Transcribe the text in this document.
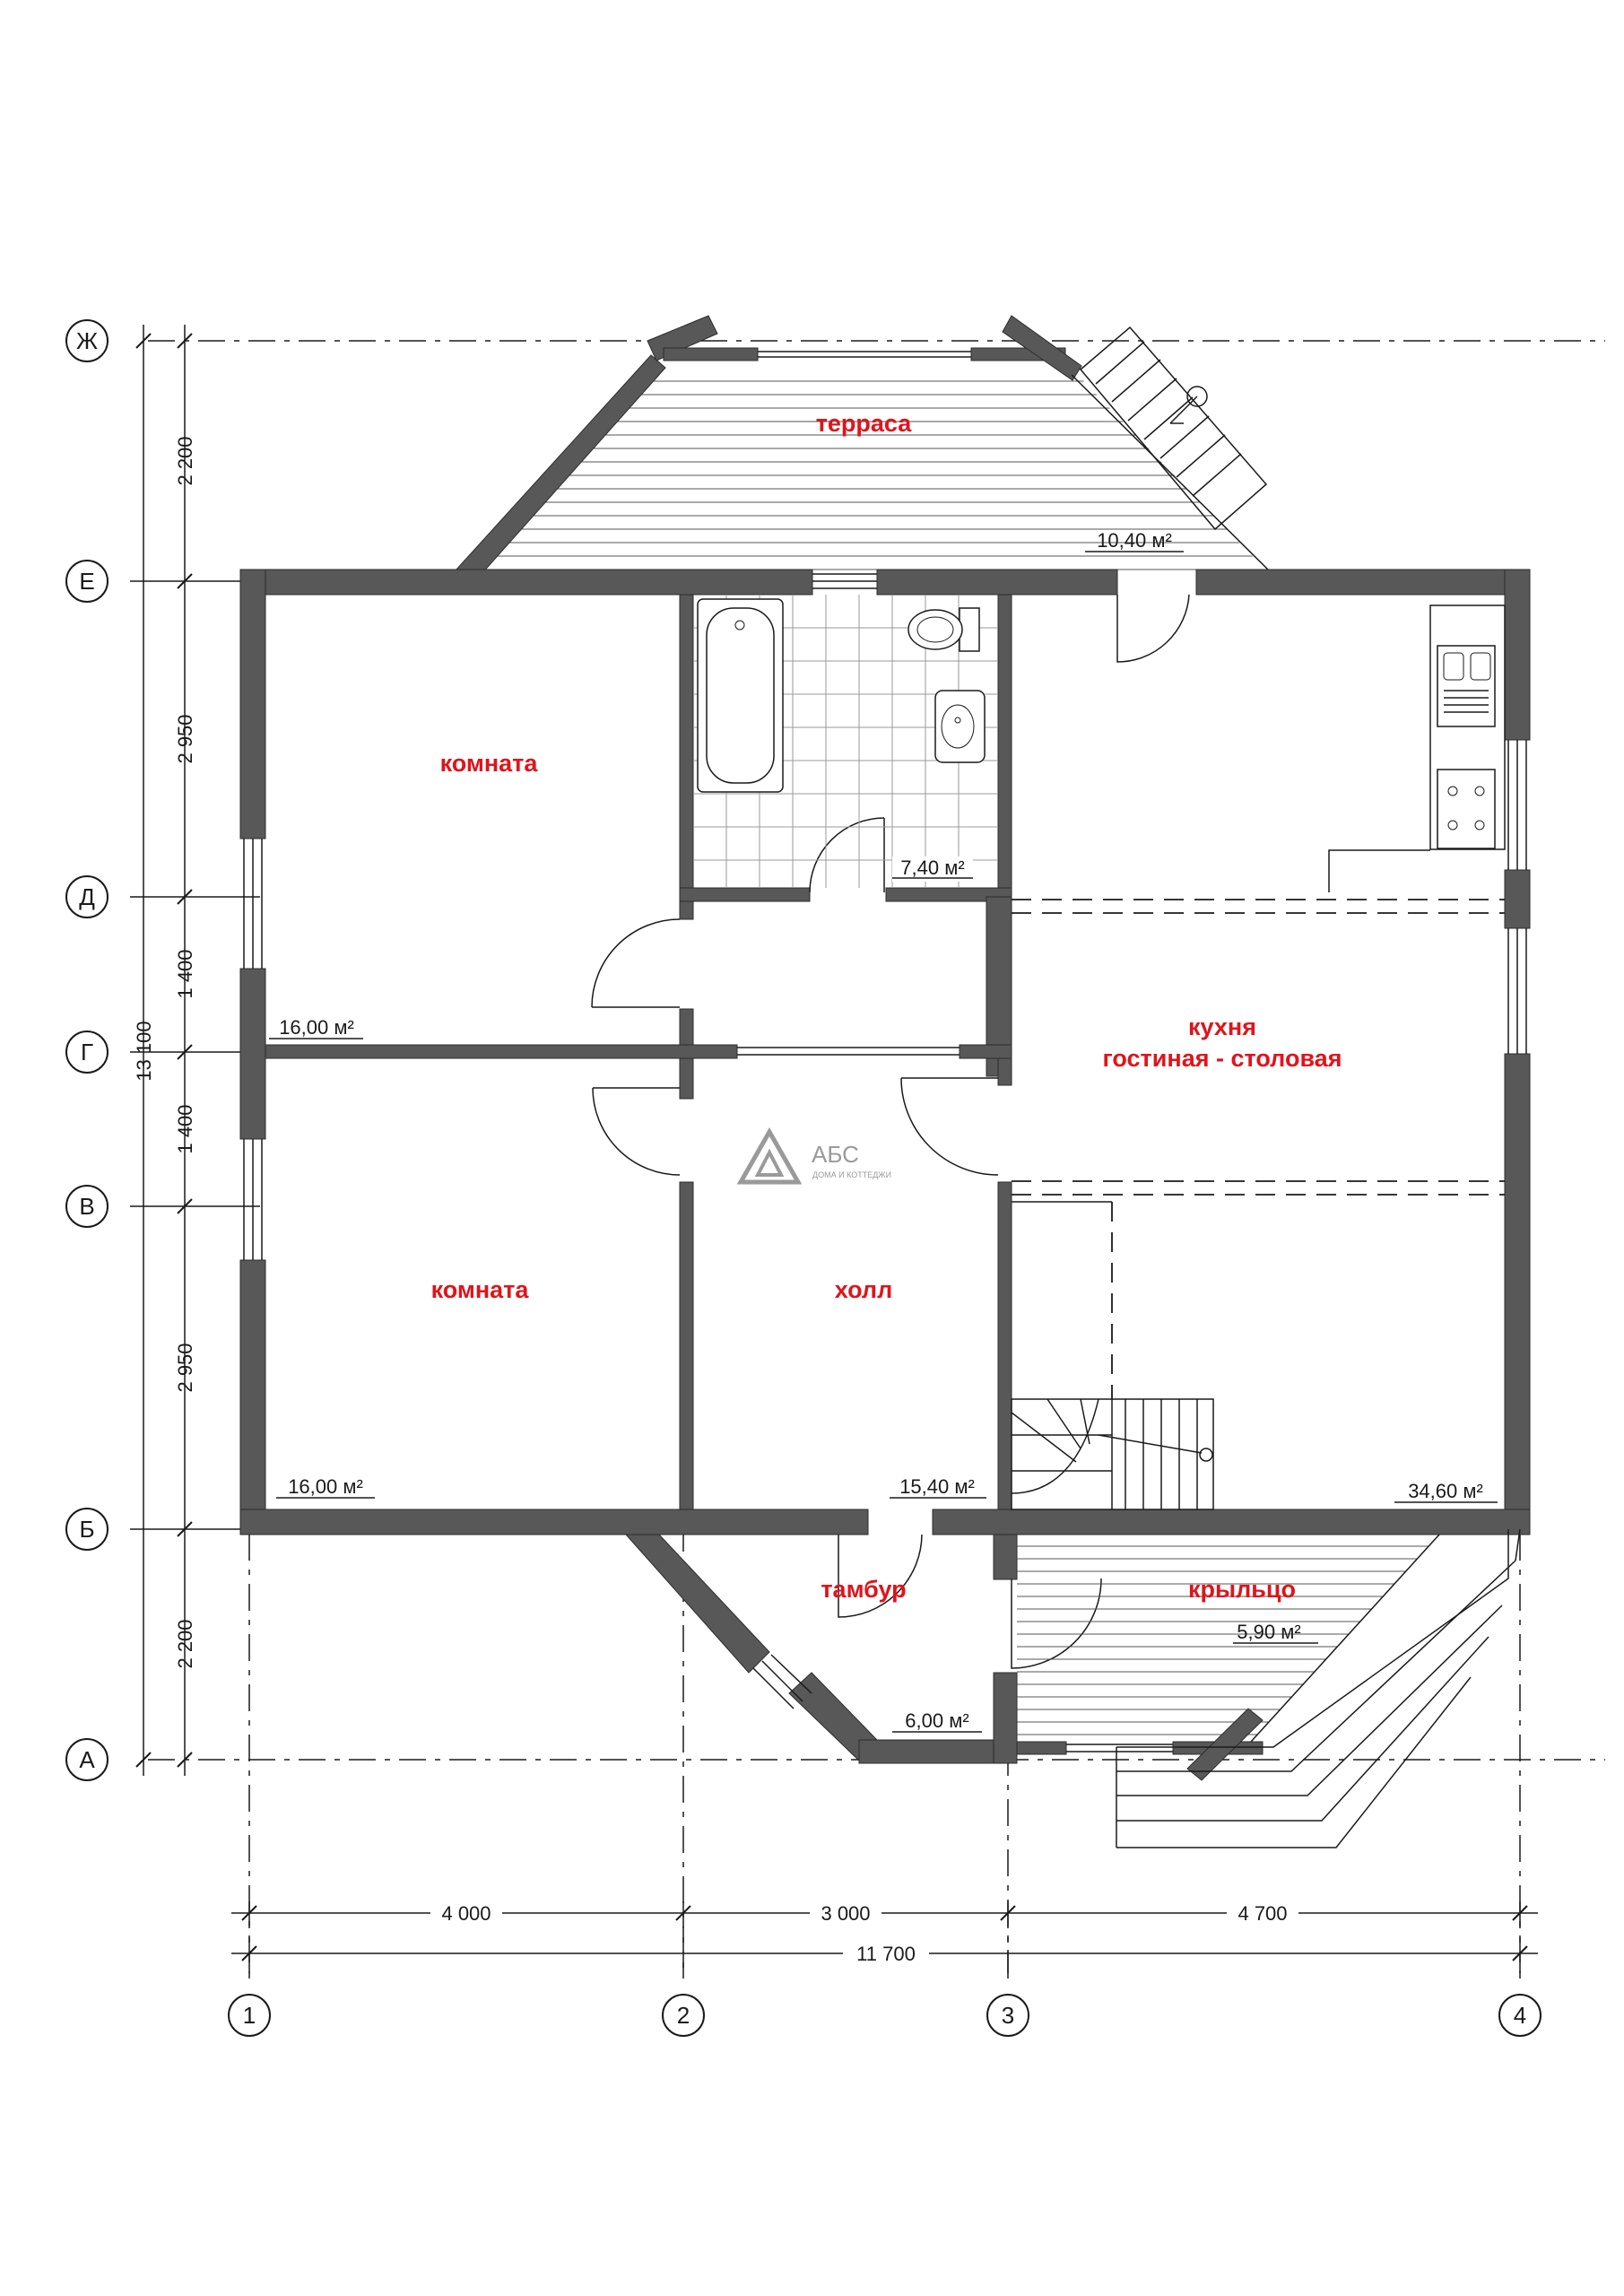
Ж
Е
Д
Г
В
Б
А
2 200
2 950
1 400
1 400
2 950
2 200
13 100
4 000	3 000	4 700
11 700
1	2	3	4
терраса
10,40 м²
7,40 м²
кухня
гостиная - столовая
34,60 м²
комната
16,00 м²
комната
16,00 м²
холл
15,40 м²
АБС
ДОМА И КОТТЕДЖИ
тамбур
6,00 м²
крыльцо
5,90 м²
